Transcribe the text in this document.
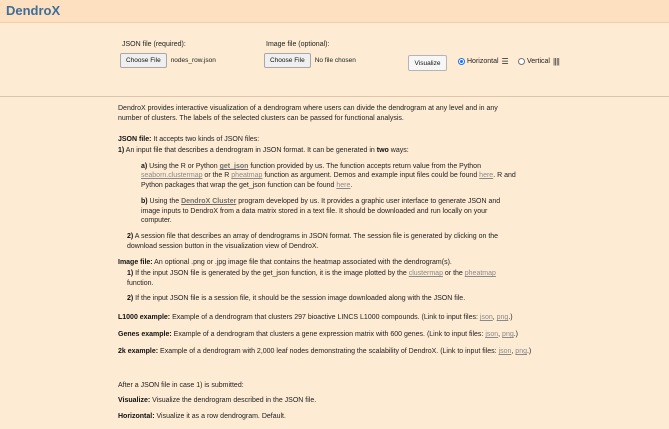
DendroX
JSON file (required):
Choose File	nodes_row.json
Image file (optional):
Choose File	No file chosen	Visualize	Horizontal ☰	Vertical ||||

DendroX provides interactive visualization of a dendrogram where users can divide the dendrogram at any level and in any

number of clusters. The labels of the selected clusters can be passed for functional analysis.

JSON file: It accepts two kinds of JSON files:

1) An input file that describes a dendrogram in JSON format. It can be generated in two ways:

a) Using the R or Python get_json function provided by us. The function accepts return value from the Python

seaborn.clustermap or the R pheatmap function as argument. Demos and example input files could be found here. R and

Python packages that wrap the get_json function can be found here.

b) Using the DendroX Cluster program developed by us. It provides a graphic user interface to generate JSON and

image inputs to DendroX from a data matrix stored in a text file. It should be downloaded and run locally on your

computer.

2) A session file that describes an array of dendrograms in JSON format. The session file is generated by clicking on the

download session button in the visualization view of DendroX.

Image file: An optional .png or .jpg image file that contains the heatmap associated with the dendrogram(s).

1) If the input JSON file is generated by the get_json function, it is the image plotted by the clustermap or the pheatmap

function.

2) If the input JSON file is a session file, it should be the session image downloaded along with the JSON file.

L1000 example: Example of a dendrogram that clusters 297 bioactive LINCS L1000 compounds. (Link to input files: json, png.)

Genes example: Example of a dendrogram that clusters a gene expression matrix with 600 genes. (Link to input files: json, png.)

2k example: Example of a dendrogram with 2,000 leaf nodes demonstrating the scalability of DendroX. (Link to input files: json, png.)

After a JSON file in case 1) is submitted:

Visualize: Visualize the dendrogram described in the JSON file.

Horizontal: Visualize it as a row dendrogram. Default.
